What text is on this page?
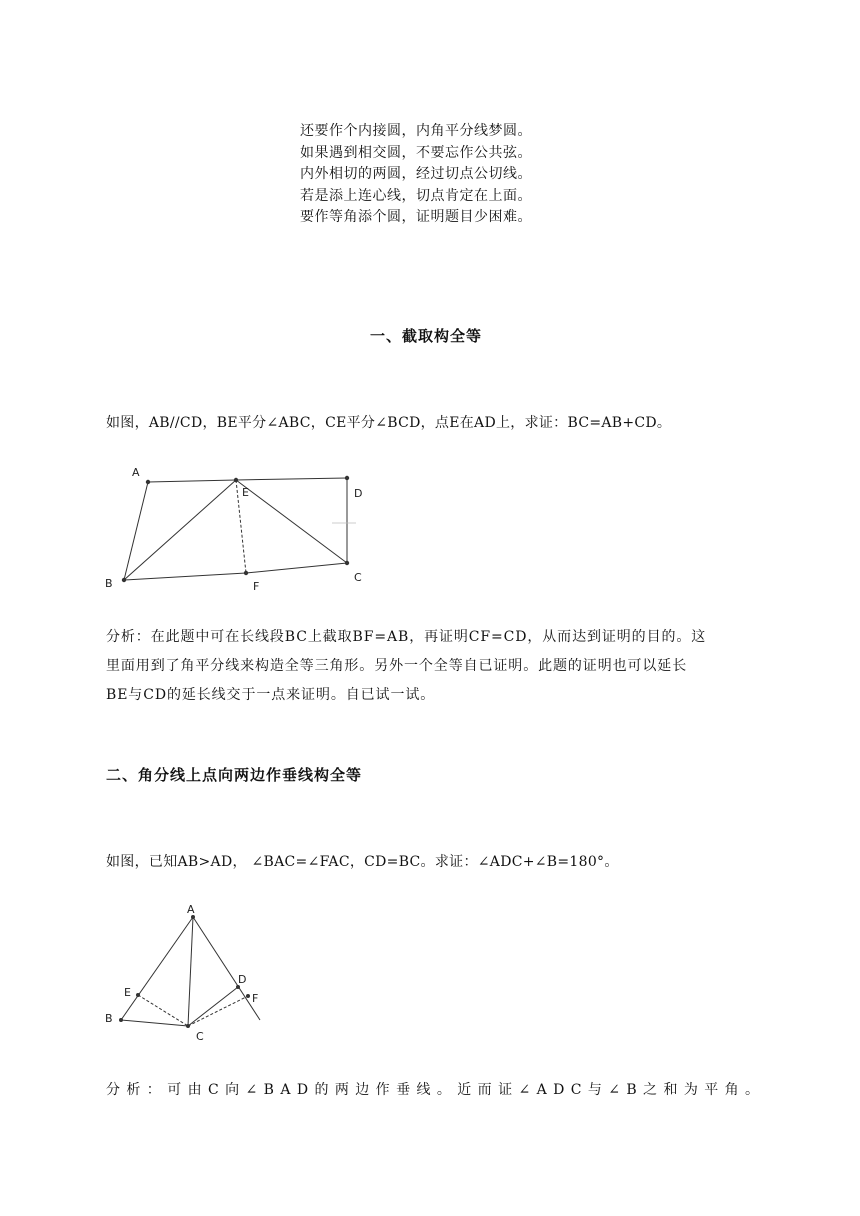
还要作个内接圆，内角平分线梦圆。
如果遇到相交圆，不要忘作公共弦。
内外相切的两圆，经过切点公切线。
若是添上连心线，切点肯定在上面。
要作等角添个圆，证明题目少困难。
一、截取构全等
如图，AB//CD，BE平分∠ABC，CE平分∠BCD，点E在AD上，求证：BC=AB+CD。
A
E	D
B	F
C
分析：在此题中可在长线段BC上截取BF=AB，再证明CF=CD，从而达到证明的目的。这
里面用到了角平分线来构造全等三角形。另外一个全等自已证明。此题的证明也可以延长
BE与CD的延长线交于一点来证明。自已试一试。
二、角分线上点向两边作垂线构全等
如图，已知AB>AD， ∠BAC=∠FAC，CD=BC。求证：∠ADC+∠B=180°。
A
E
D
F
B
C
分析：可由C向∠BAD的两边作垂线。近而证∠ADC与∠B之和为平角。
